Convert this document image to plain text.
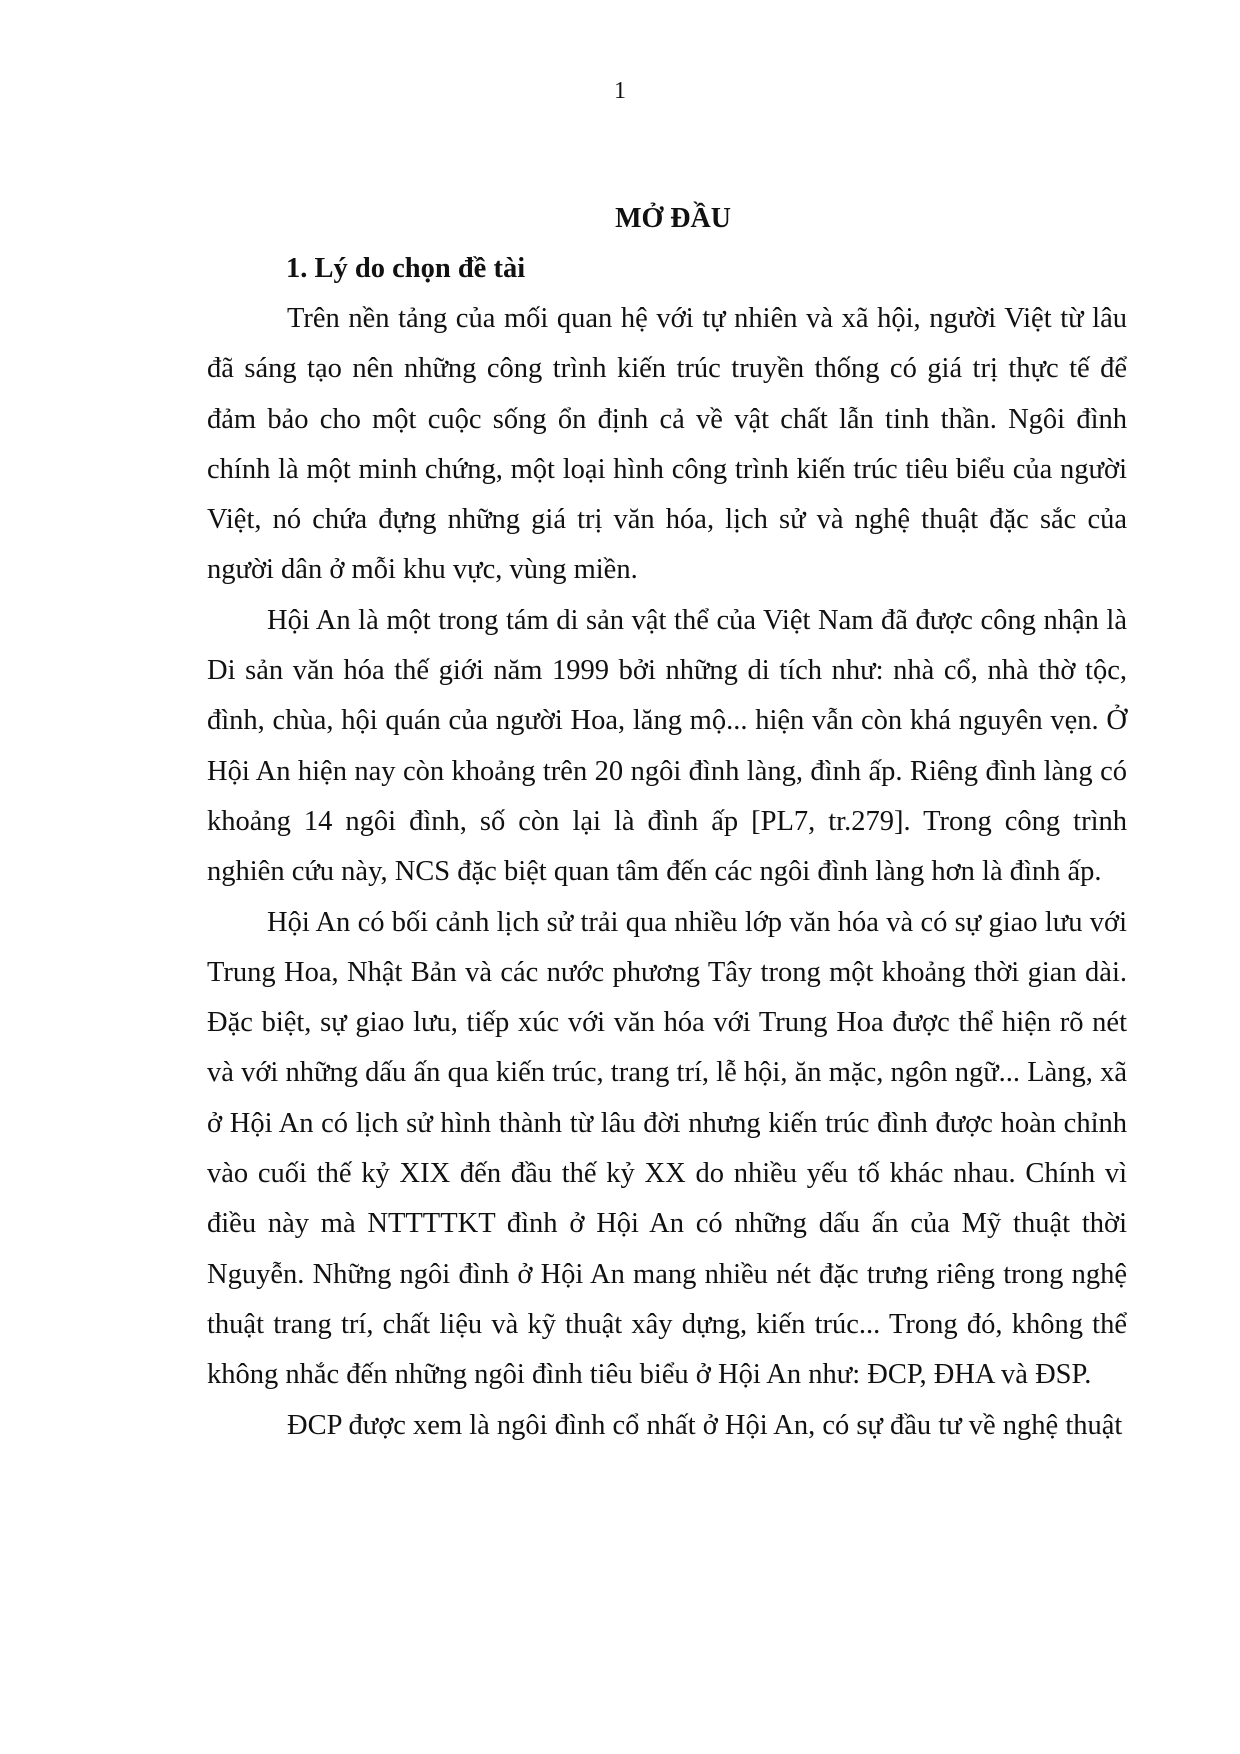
1

MỞ ĐẦU
1. Lý do chọn đề tài

Trên nền tảng của mối quan hệ với tự nhiên và xã hội, người Việt từ lâu đã sáng tạo nên những công trình kiến trúc truyền thống có giá trị thực tế để đảm bảo cho một cuộc sống ổn định cả về vật chất lẫn tinh thần. Ngôi đình chính là một minh chứng, một loại hình công trình kiến trúc tiêu biểu của người Việt, nó chứa đựng những giá trị văn hóa, lịch sử và nghệ thuật đặc sắc của người dân ở mỗi khu vực, vùng miền.

Hội An là một trong tám di sản vật thể của Việt Nam đã được công nhận là Di sản văn hóa thế giới năm 1999 bởi những di tích như: nhà cổ, nhà thờ tộc, đình, chùa, hội quán của người Hoa, lăng mộ... hiện vẫn còn khá nguyên vẹn. Ở Hội An hiện nay còn khoảng trên 20 ngôi đình làng, đình ấp. Riêng đình làng có khoảng 14 ngôi đình, số còn lại là đình ấp [PL7, tr.279]. Trong công trình nghiên cứu này, NCS đặc biệt quan tâm đến các ngôi đình làng hơn là đình ấp.

Hội An có bối cảnh lịch sử trải qua nhiều lớp văn hóa và có sự giao lưu với Trung Hoa, Nhật Bản và các nước phương Tây trong một khoảng thời gian dài. Đặc biệt, sự giao lưu, tiếp xúc với văn hóa với Trung Hoa được thể hiện rõ nét và với những dấu ấn qua kiến trúc, trang trí, lễ hội, ăn mặc, ngôn ngữ... Làng, xã ở Hội An có lịch sử hình thành từ lâu đời nhưng kiến trúc đình được hoàn chỉnh vào cuối thế kỷ XIX đến đầu thế kỷ XX do nhiều yếu tố khác nhau. Chính vì điều này mà NTTTTKT đình ở Hội An có những dấu ấn của Mỹ thuật thời Nguyễn. Những ngôi đình ở Hội An mang nhiều nét đặc trưng riêng trong nghệ thuật trang trí, chất liệu và kỹ thuật xây dựng, kiến trúc... Trong đó, không thể không nhắc đến những ngôi đình tiêu biểu ở Hội An như: ĐCP, ĐHA và ĐSP.

ĐCP được xem là ngôi đình cổ nhất ở Hội An, có sự đầu tư về nghệ thuật
